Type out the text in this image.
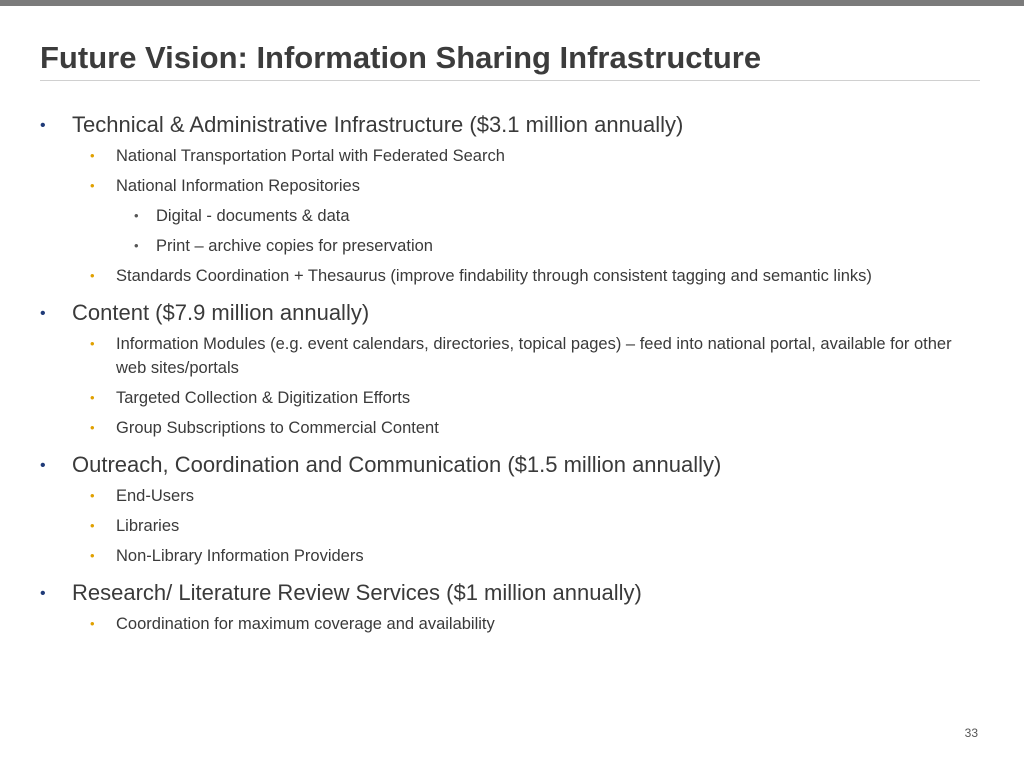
Future Vision: Information Sharing Infrastructure
• Technical & Administrative Infrastructure ($3.1 million annually)
• National Transportation Portal with Federated Search
• National Information Repositories
• Digital - documents & data
• Print – archive copies for preservation
• Standards Coordination + Thesaurus (improve findability through consistent tagging and semantic links)
• Content ($7.9 million annually)
• Information Modules (e.g. event calendars, directories, topical pages) – feed into national portal, available for other web sites/portals
• Targeted Collection & Digitization Efforts
• Group Subscriptions to Commercial Content
• Outreach, Coordination and Communication ($1.5 million annually)
• End-Users
• Libraries
• Non-Library Information Providers
• Research/ Literature Review Services ($1 million annually)
• Coordination for maximum coverage and availability
33
